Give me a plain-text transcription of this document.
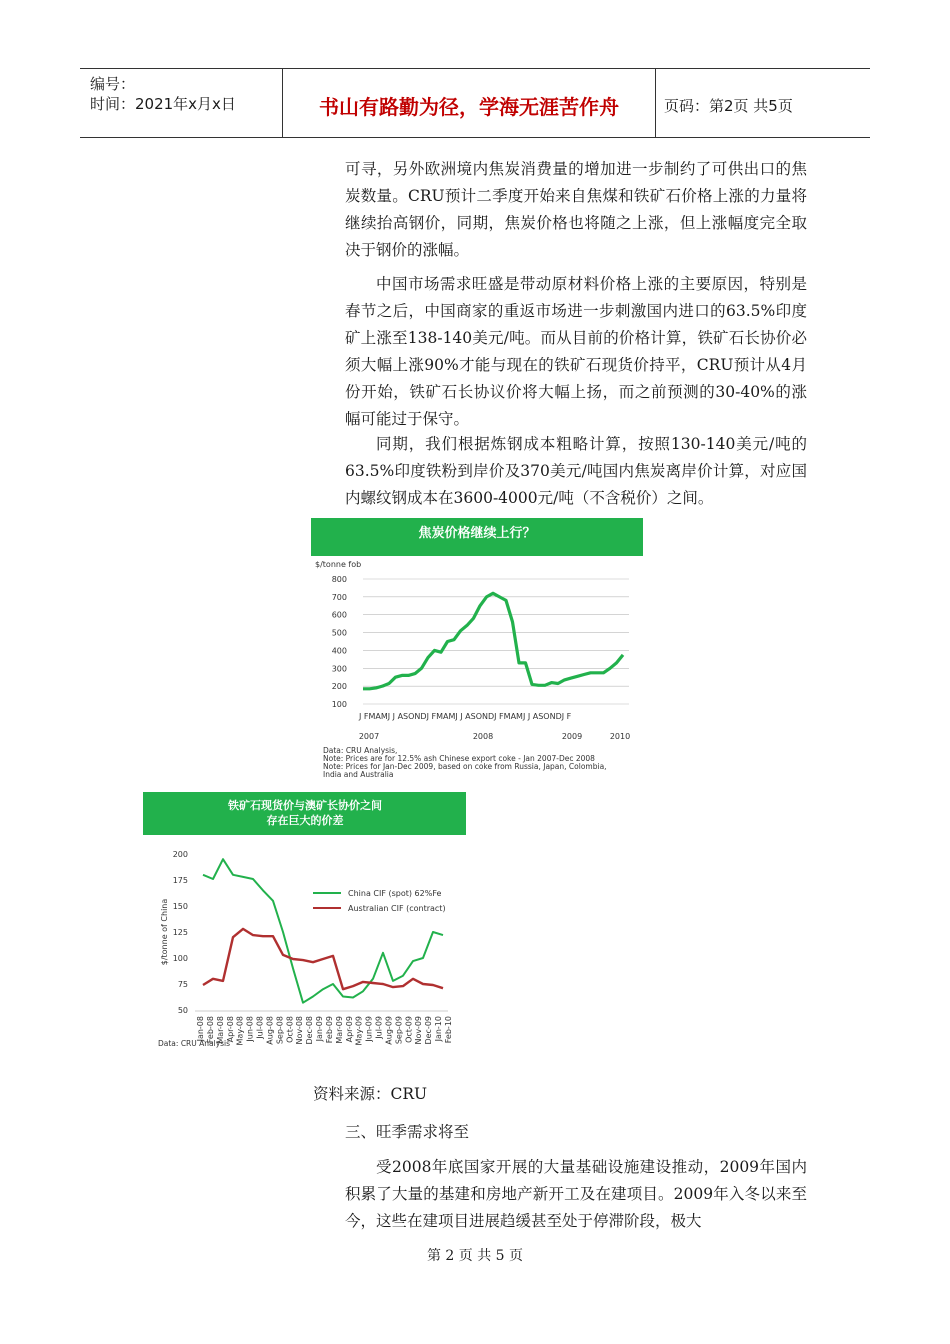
编号：
时间：2021年x月x日	书山有路勤为径，学海无涯苦作舟	页码：第2页 共5页

可寻，另外欧洲境内焦炭消费量的增加进一步制约了可供出口的焦炭数量。CRU预计二季度开始来自焦煤和铁矿石价格上涨的力量将继续抬高钢价，同期，焦炭价格也将随之上涨，但上涨幅度完全取决于钢价的涨幅。

中国市场需求旺盛是带动原材料价格上涨的主要原因，特别是春节之后，中国商家的重返市场进一步刺激国内进口的63.5%印度矿上涨至138-140美元/吨。而从目前的价格计算，铁矿石长协价必须大幅上涨90%才能与现在的铁矿石现货价持平，CRU预计从4月份开始，铁矿石长协议价将大幅上扬，而之前预测的30-40%的涨幅可能过于保守。

同期，我们根据炼钢成本粗略计算，按照130-140美元/吨的63.5%印度铁粉到岸价及370美元/吨国内焦炭离岸价计算，对应国内螺纹钢成本在3600-4000元/吨（不含税价）之间。

焦炭价格继续上行？
$/tonne fob
800
700
600
500
400
300
200
100
J FMAMJ J ASONDJ FMAMJ J ASONDJ FMAMJ J ASONDJ F
2007	2008	2009	2010
Data: CRU Analysis,
Note: Prices are for 12.5% ash Chinese export coke - Jan 2007-Dec 2008
Note: Prices for Jan-Dec 2009, based on coke from Russia, Japan, Colombia,
India and Australia
铁矿石现货价与澳矿长协价之间
存在巨大的价差
$/tonne of China
200
175
150
125
100
75
50
Jan-08 Feb-08 Mar-08 Apr-08 May-08 Jun-08 Jul-08 Aug-08 Sep-08 Oct-08 Nov-08 Dec-08 Jan-09 Feb-09 Mar-09 Apr-09 May-09 Jun-09 Jul-09 Aug-09 Sep-09 Oct-09 Nov-09 Dec-09 Jan-10 Feb-10
China CIF (spot) 62%Fe
Australian CIF (contract)
Data: CRU Analysis
资料来源：CRU
三、旺季需求将至

受2008年底国家开展的大量基础设施建设推动，2009年国内积累了大量的基建和房地产新开工及在建项目。2009年入冬以来至今，这些在建项目进展趋缓甚至处于停滞阶段，极大

第 2 页 共 5 页
